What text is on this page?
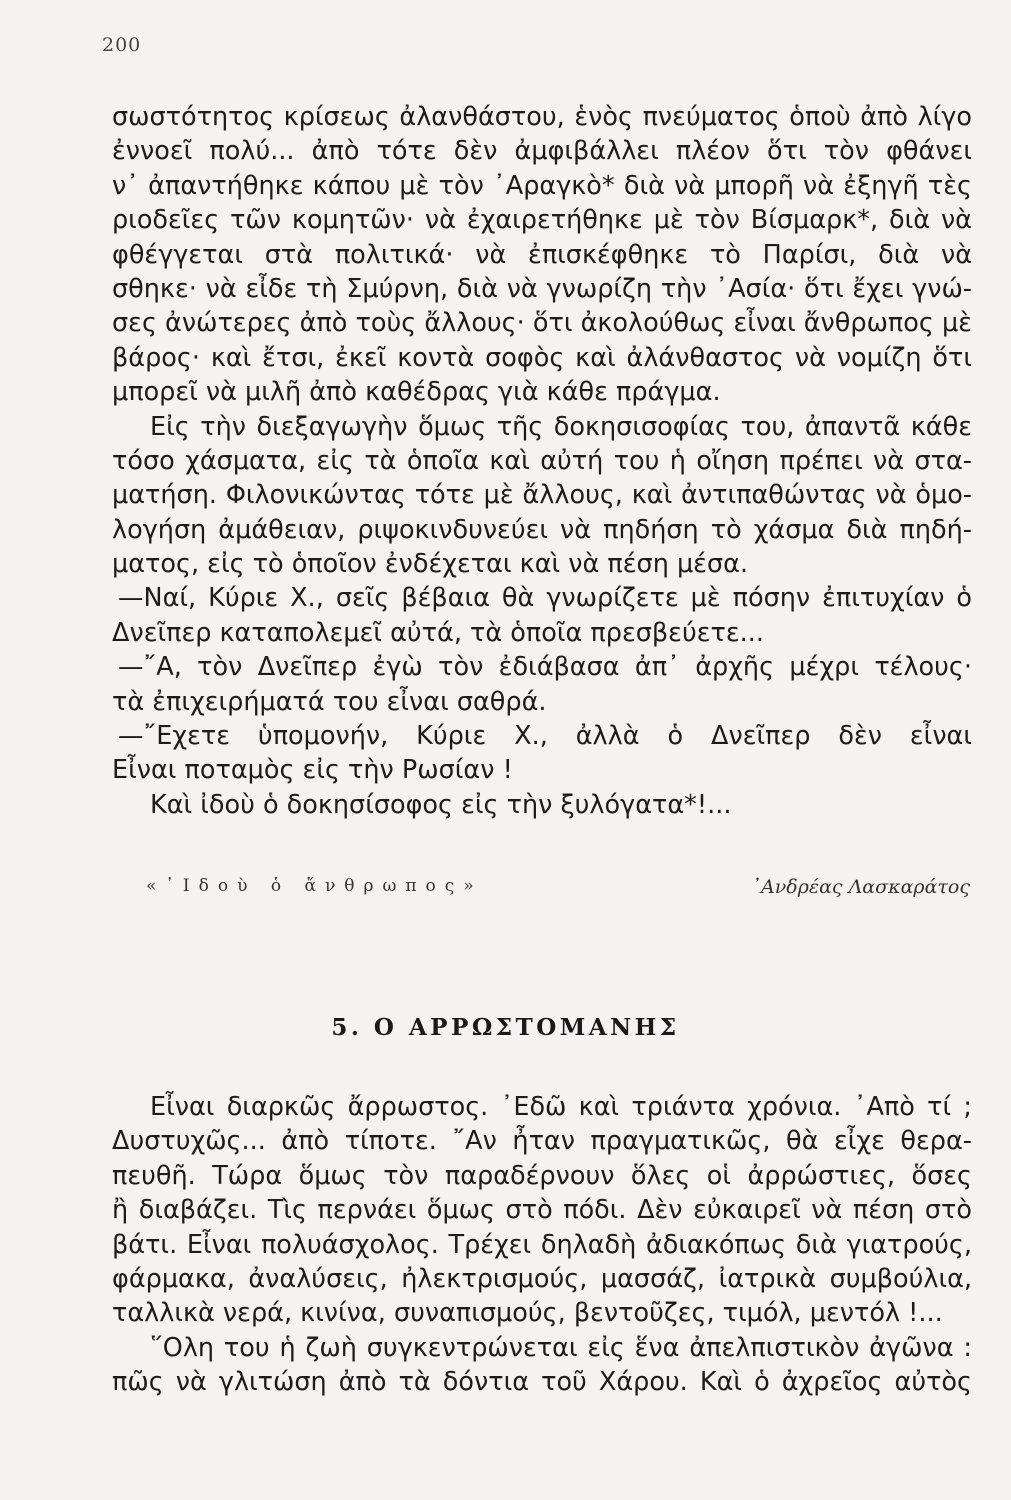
200
σωστότητος κρίσεως ἀλανθάστου, ἑνὸς πνεύματος ὁποὺ ἀπὸ λίγο
ἐννοεῖ πολύ... ἀπὸ τότε δὲν ἀμφιβάλλει πλέον ὅτι τὸν φθάνει
ν᾿ ἀπαντήθηκε κάπου μὲ τὸν ᾿Αραγκὸ* διὰ νὰ μπορῆ νὰ ἐξηγῆ τὲς
ριοδεῖες τῶν κομητῶν· νὰ ἐχαιρετήθηκε μὲ τὸν Βίσμαρκ*, διὰ νὰ
φθέγγεται στὰ πολιτικά· νὰ ἐπισκέφθηκε τὸ Παρίσι, διὰ νὰ
σθηκε· νὰ εἶδε τὴ Σμύρνη, διὰ νὰ γνωρίζη τὴν ᾿Ασία· ὅτι ἔχει γνώ-
σες ἀνώτερες ἀπὸ τοὺς ἄλλους· ὅτι ἀκολούθως εἶναι ἄνθρωπος μὲ
βάρος· καὶ ἔτσι, ἐκεῖ κοντὰ σοφὸς καὶ ἀλάνθαστος νὰ νομίζη ὅτι
μπορεῖ νὰ μιλῆ ἀπὸ καθέδρας γιὰ κάθε πράγμα.
Εἰς τὴν διεξαγωγὴν ὅμως τῆς δοκησισοφίας του, ἀπαντᾶ κάθε
τόσο χάσματα, εἰς τὰ ὁποῖα καὶ αὐτή του ἡ οἴηση πρέπει νὰ στα-
ματήση. Φιλονικώντας τότε μὲ ἄλλους, καὶ ἀντιπαθώντας νὰ ὁμο-
λογήση ἀμάθειαν, ριψοκινδυνεύει νὰ πηδήση τὸ χάσμα διὰ πηδή-
ματος, εἰς τὸ ὁποῖον ἐνδέχεται καὶ νὰ πέση μέσα.
—Ναί, Κύριε Χ., σεῖς βέβαια θὰ γνωρίζετε μὲ πόσην ἐπιτυχίαν ὁ
Δνεῖπερ καταπολεμεῖ αὐτά, τὰ ὁποῖα πρεσβεύετε...
—῎Α, τὸν Δνεῖπερ ἐγὼ τὸν ἐδιάβασα ἀπ᾿ ἀρχῆς μέχρι τέλους·
τὰ ἐπιχειρήματά του εἶναι σαθρά.
—῎Εχετε ὑπομονήν, Κύριε Χ., ἀλλὰ ὁ Δνεῖπερ δὲν εἶναι
Εἶναι ποταμὸς εἰς τὴν Ρωσίαν !
Καὶ ἰδοὺ ὁ δοκησίσοφος εἰς τὴν ξυλόγατα*!...
«᾿Ιδοὺ ὁ ἄνθρωπος»	᾿Ανδρέας Λασκαράτος
5. Ο ΑΡΡΩΣΤΟΜΑΝΗΣ
Εἶναι διαρκῶς ἄρρωστος. ᾿Εδῶ καὶ τριάντα χρόνια. ᾿Απὸ τί ;
Δυστυχῶς... ἀπὸ τίποτε. ῎Αν ἦταν πραγματικῶς, θὰ εἶχε θερα-
πευθῆ. Τώρα ὅμως τὸν παραδέρνουν ὅλες οἱ ἀρρώστιες, ὅσες
ἢ διαβάζει. Τὶς περνάει ὅμως στὸ πόδι. Δὲν εὐκαιρεῖ νὰ πέση στὸ
βάτι. Εἶναι πολυάσχολος. Τρέχει δηλαδὴ ἀδιακόπως διὰ γιατρούς,
φάρμακα, ἀναλύσεις, ἠλεκτρισμούς, μασσάζ, ἰατρικὰ συμβούλια,
ταλλικὰ νερά, κινίνα, συναπισμούς, βεντοῦζες, τιμόλ, μεντόλ !...
῞Ολη του ἡ ζωὴ συγκεντρώνεται εἰς ἕνα ἀπελπιστικὸν ἀγῶνα :
πῶς νὰ γλιτώση ἀπὸ τὰ δόντια τοῦ Χάρου. Καὶ ὁ ἀχρεῖος αὐτὸς
